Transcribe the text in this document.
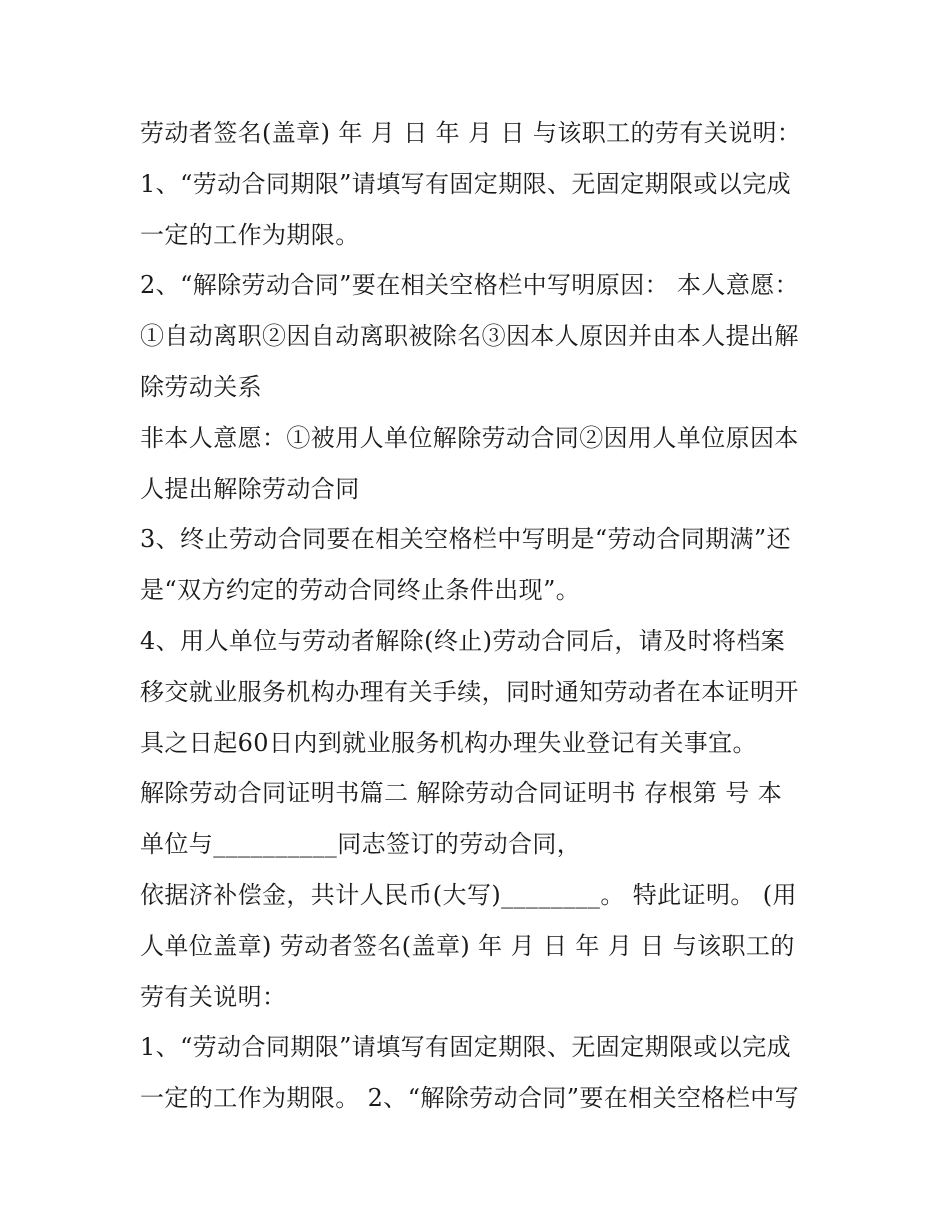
劳动者签名(盖章) 年 月 日 年 月 日 与该职工的劳有关说明：
1、“劳动合同期限”请填写有固定期限、无固定期限或以完成
一定的工作为期限。
2、“解除劳动合同”要在相关空格栏中写明原因： 本人意愿：
①自动离职②因自动离职被除名③因本人原因并由本人提出解
除劳动关系
非本人意愿：①被用人单位解除劳动合同②因用人单位原因本
人提出解除劳动合同
3、终止劳动合同要在相关空格栏中写明是“劳动合同期满”还
是“双方约定的劳动合同终止条件出现”。
4、用人单位与劳动者解除(终止)劳动合同后，请及时将档案
移交就业服务机构办理有关手续，同时通知劳动者在本证明开
具之日起60日内到就业服务机构办理失业登记有关事宜。
解除劳动合同证明书篇二 解除劳动合同证明书 存根第 号 本
单位与__________同志签订的劳动合同，
依据济补偿金，共计人民币(大写)________。 特此证明。 (用
人单位盖章) 劳动者签名(盖章) 年 月 日 年 月 日 与该职工的
劳有关说明：
1、“劳动合同期限”请填写有固定期限、无固定期限或以完成
一定的工作为期限。 2、“解除劳动合同”要在相关空格栏中写
